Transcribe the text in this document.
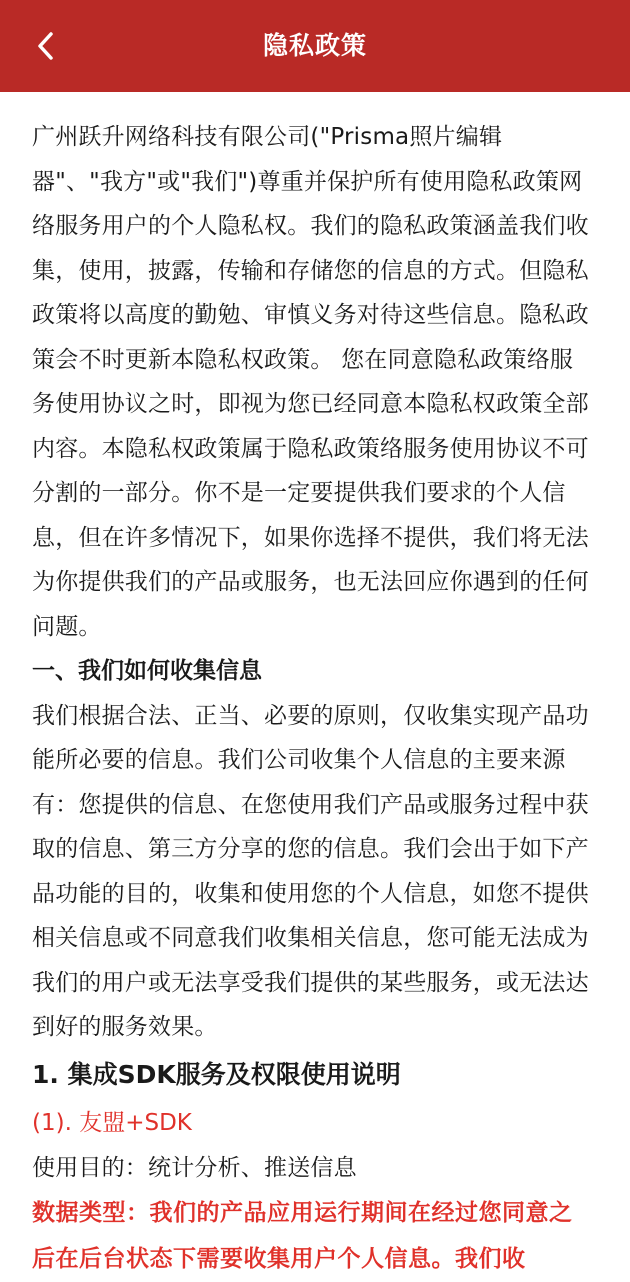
隐私政策

广州跃升网络科技有限公司("Prisma照片编辑器"、"我方"或"我们")尊重并保护所有使用隐私政策网络服务用户的个人隐私权。我们的隐私政策涵盖我们收集，使用，披露，传输和存储您的信息的方式。但隐私政策将以高度的勤勉、审慎义务对待这些信息。隐私政策会不时更新本隐私权政策。 您在同意隐私政策络服务使用协议之时，即视为您已经同意本隐私权政策全部内容。本隐私权政策属于隐私政策络服务使用协议不可分割的一部分。你不是一定要提供我们要求的个人信息，但在许多情况下，如果你选择不提供，我们将无法为你提供我们的产品或服务，也无法回应你遇到的任何问题。

一、我们如何收集信息

我们根据合法、正当、必要的原则，仅收集实现产品功能所必要的信息。我们公司收集个人信息的主要来源有：您提供的信息、在您使用我们产品或服务过程中获取的信息、第三方分享的您的信息。我们会出于如下产品功能的目的，收集和使用您的个人信息，如您不提供相关信息或不同意我们收集相关信息，您可能无法成为我们的用户或无法享受我们提供的某些服务，或无法达到好的服务效果。

1. 集成SDK服务及权限使用说明

(1). 友盟+SDK

使用目的：统计分析、推送信息

数据类型：我们的产品应用运行期间在经过您同意之后在后台状态下需要收集用户个人信息。我们收
